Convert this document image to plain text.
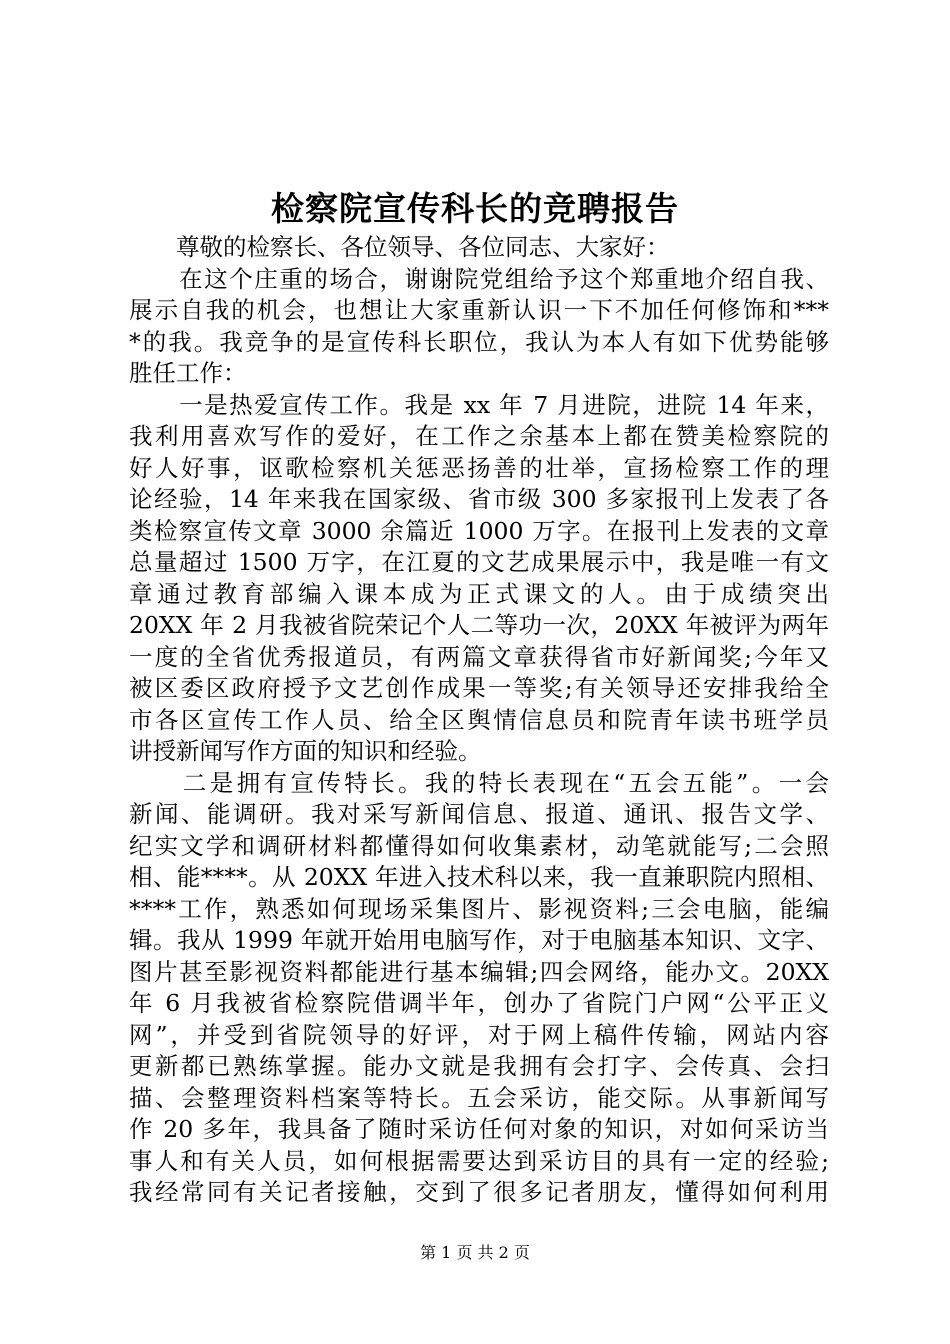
检察院宣传科长的竞聘报告
　　尊敬的检察长、各位领导、各位同志、大家好：
　　在这个庄重的场合，谢谢院党组给予这个郑重地介绍自我、
展示自我的机会，也想让大家重新认识一下不加任何修饰和***
*的我。我竞争的是宣传科长职位，我认为本人有如下优势能够
胜任工作：
　　一是热爱宣传工作。我是 xx 年 7 月进院，进院 14 年来，
我利用喜欢写作的爱好，在工作之余基本上都在赞美检察院的
好人好事，讴歌检察机关惩恶扬善的壮举，宣扬检察工作的理
论经验，14 年来我在国家级、省市级 300 多家报刊上发表了各
类检察宣传文章 3000 余篇近 1000 万字。在报刊上发表的文章
总量超过 1500 万字，在江夏的文艺成果展示中，我是唯一有文
章通过教育部编入课本成为正式课文的人。由于成绩突出
20XX 年 2 月我被省院荣记个人二等功一次，20XX 年被评为两年
一度的全省优秀报道员，有两篇文章获得省市好新闻奖;今年又
被区委区政府授予文艺创作成果一等奖;有关领导还安排我给全
市各区宣传工作人员、给全区舆情信息员和院青年读书班学员
讲授新闻写作方面的知识和经验。
　　二是拥有宣传特长。我的特长表现在“五会五能”。一会
新闻、能调研。我对采写新闻信息、报道、通讯、报告文学、
纪实文学和调研材料都懂得如何收集素材，动笔就能写;二会照
相、能****。从 20XX 年进入技术科以来，我一直兼职院内照相、
****工作，熟悉如何现场采集图片、影视资料;三会电脑，能编
辑。我从 1999 年就开始用电脑写作，对于电脑基本知识、文字、
图片甚至影视资料都能进行基本编辑;四会网络，能办文。20XX
年 6 月我被省检察院借调半年，创办了省院门户网“公平正义
网”，并受到省院领导的好评，对于网上稿件传输，网站内容
更新都已熟练掌握。能办文就是我拥有会打字、会传真、会扫
描、会整理资料档案等特长。五会采访，能交际。从事新闻写
作 20 多年，我具备了随时采访任何对象的知识，对如何采访当
事人和有关人员，如何根据需要达到采访目的具有一定的经验;
我经常同有关记者接触，交到了很多记者朋友，懂得如何利用
第 1 页 共 2 页
